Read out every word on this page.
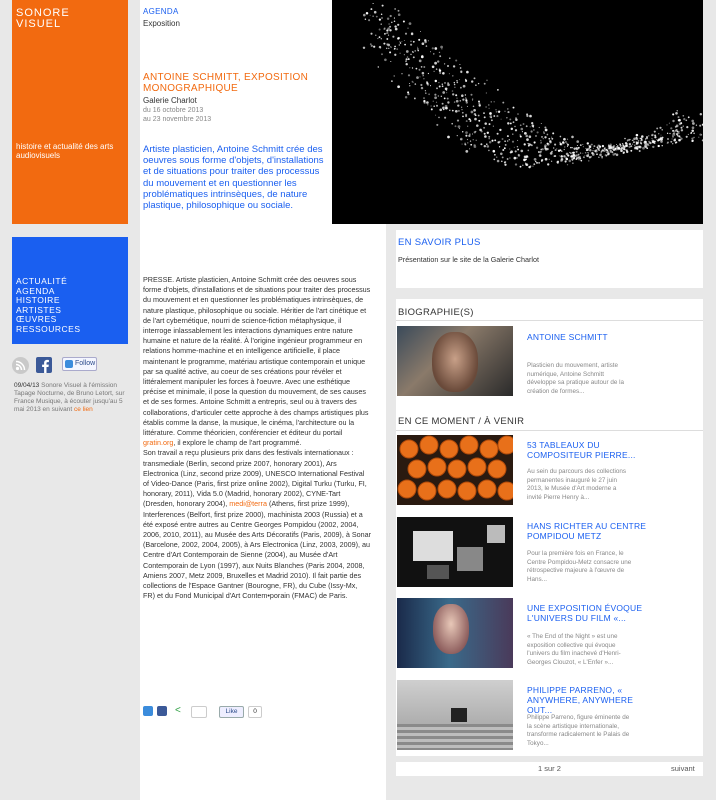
SONORE
VISUEL
histoire et actualité des arts audiovisuels
ACTUALITÉ
AGENDA
HISTOIRE
ARTISTES
ŒUVRES
RESSOURCES
Follow
09/04/13 Sonore Visuel à l'émission Tapage Nocturne, de Bruno Letort, sur France Musique, à écouter jusqu'au 5 mai 2013 en suivant ce lien
AGENDA
Exposition
ANTOINE SCHMITT, EXPOSITION MONOGRAPHIQUE
Galerie Charlot
du 16 octobre 2013
au 23 novembre 2013
Artiste plasticien, Antoine Schmitt crée des oeuvres sous forme d'objets, d'installations et de situations pour traiter des processus du mouvement et en questionner les problématiques intrinsèques, de nature plastique, philosophique ou sociale.

PRESSE. Artiste plasticien, Antoine Schmitt crée des oeuvres sous forme d'objets, d'installations et de situations pour traiter des processus du mouvement et en questionner les problématiques intrinsèques, de nature plastique, philosophique ou sociale. Héritier de l'art cinétique et de l'art cybernétique, nourri de science-fiction métaphysique, il interroge inlassablement les interactions dynamiques entre nature humaine et nature de la réalité. À l'origine ingénieur programmeur en relations homme-machine et en intelligence artificielle, il place maintenant le programme, matériau artistique contemporain et unique par sa qualité active, au coeur de ses créations pour révéler et littéralement manipuler les forces à l'oeuvre. Avec une esthétique précise et minimale, il pose la question du mouvement, de ses causes et de ses formes. Antoine Schmitt a entrepris, seul ou à travers des collaborations, d'articuler cette approche à des champs artistiques plus établis comme la danse, la musique, le cinéma, l'architecture ou la littérature. Comme théoricien, conférencier et éditeur du portail gratin.org, il explore le champ de l'art programmé.

Son travail a reçu plusieurs prix dans des festivals internationaux : transmediale (Berlin, second prize 2007, honorary 2001), Ars Electronica (Linz, second prize 2009), UNESCO International Festival of Video-Dance (Paris, first prize online 2002), Digital Turku (Turku, FI, honorary, 2011), Vida 5.0 (Madrid, honorary 2002), CYNE-Tart (Dresden, honorary 2004), medi@terra (Athens, first prize 1999), Interferences (Belfort, first prize 2000), machinista 2003 (Russia) et a été exposé entre autres au Centre Georges Pompidou (2002, 2004, 2006, 2010, 2011), au Musée des Arts Décoratifs (Paris, 2009), à Sonar (Barcelone, 2002, 2004, 2005), à Ars Electronica (Linz, 2003, 2009), au Centre d'Art Contemporain de Sienne (2004), au Musée d'Art Contemporain de Lyon (1997), aux Nuits Blanches (Paris 2004, 2008, Amiens 2007, Metz 2009, Bruxelles et Madrid 2010). Il fait partie des collections de l'Espace Gantner (Bourogne, FR), du Cube (Issy-Mx, FR) et du Fond Municipal d'Art Contem•porain (FMAC) de Paris.

<	Like	0
EN SAVOIR PLUS
Présentation sur le site de la Galerie Charlot
BIOGRAPHIE(S)
ANTOINE SCHMITT
Plasticien du mouvement, artiste numérique, Antoine Schmitt développe sa pratique autour de la création de formes...
EN CE MOMENT / À VENIR
53 TABLEAUX DU COMPOSITEUR PIERRE...
Au sein du parcours des collections permanentes inauguré le 27 juin 2013, le Musée d'Art moderne a invité Pierre Henry à...
HANS RICHTER AU CENTRE POMPIDOU METZ
Pour la première fois en France, le Centre Pompidou-Metz consacre une rétrospective majeure à l'œuvre de Hans...
UNE EXPOSITION ÉVOQUE L'UNIVERS DU FILM «...
« The End of the Night » est une exposition collective qui évoque l'univers du film inachevé d'Henri-Georges Clouzot, « L'Enfer »...
PHILIPPE PARRENO, « ANYWHERE, ANYWHERE OUT...
Philippe Parreno, figure éminente de la scène artistique internationale, transforme radicalement le Palais de Tokyo...
1 sur 2	suivant
